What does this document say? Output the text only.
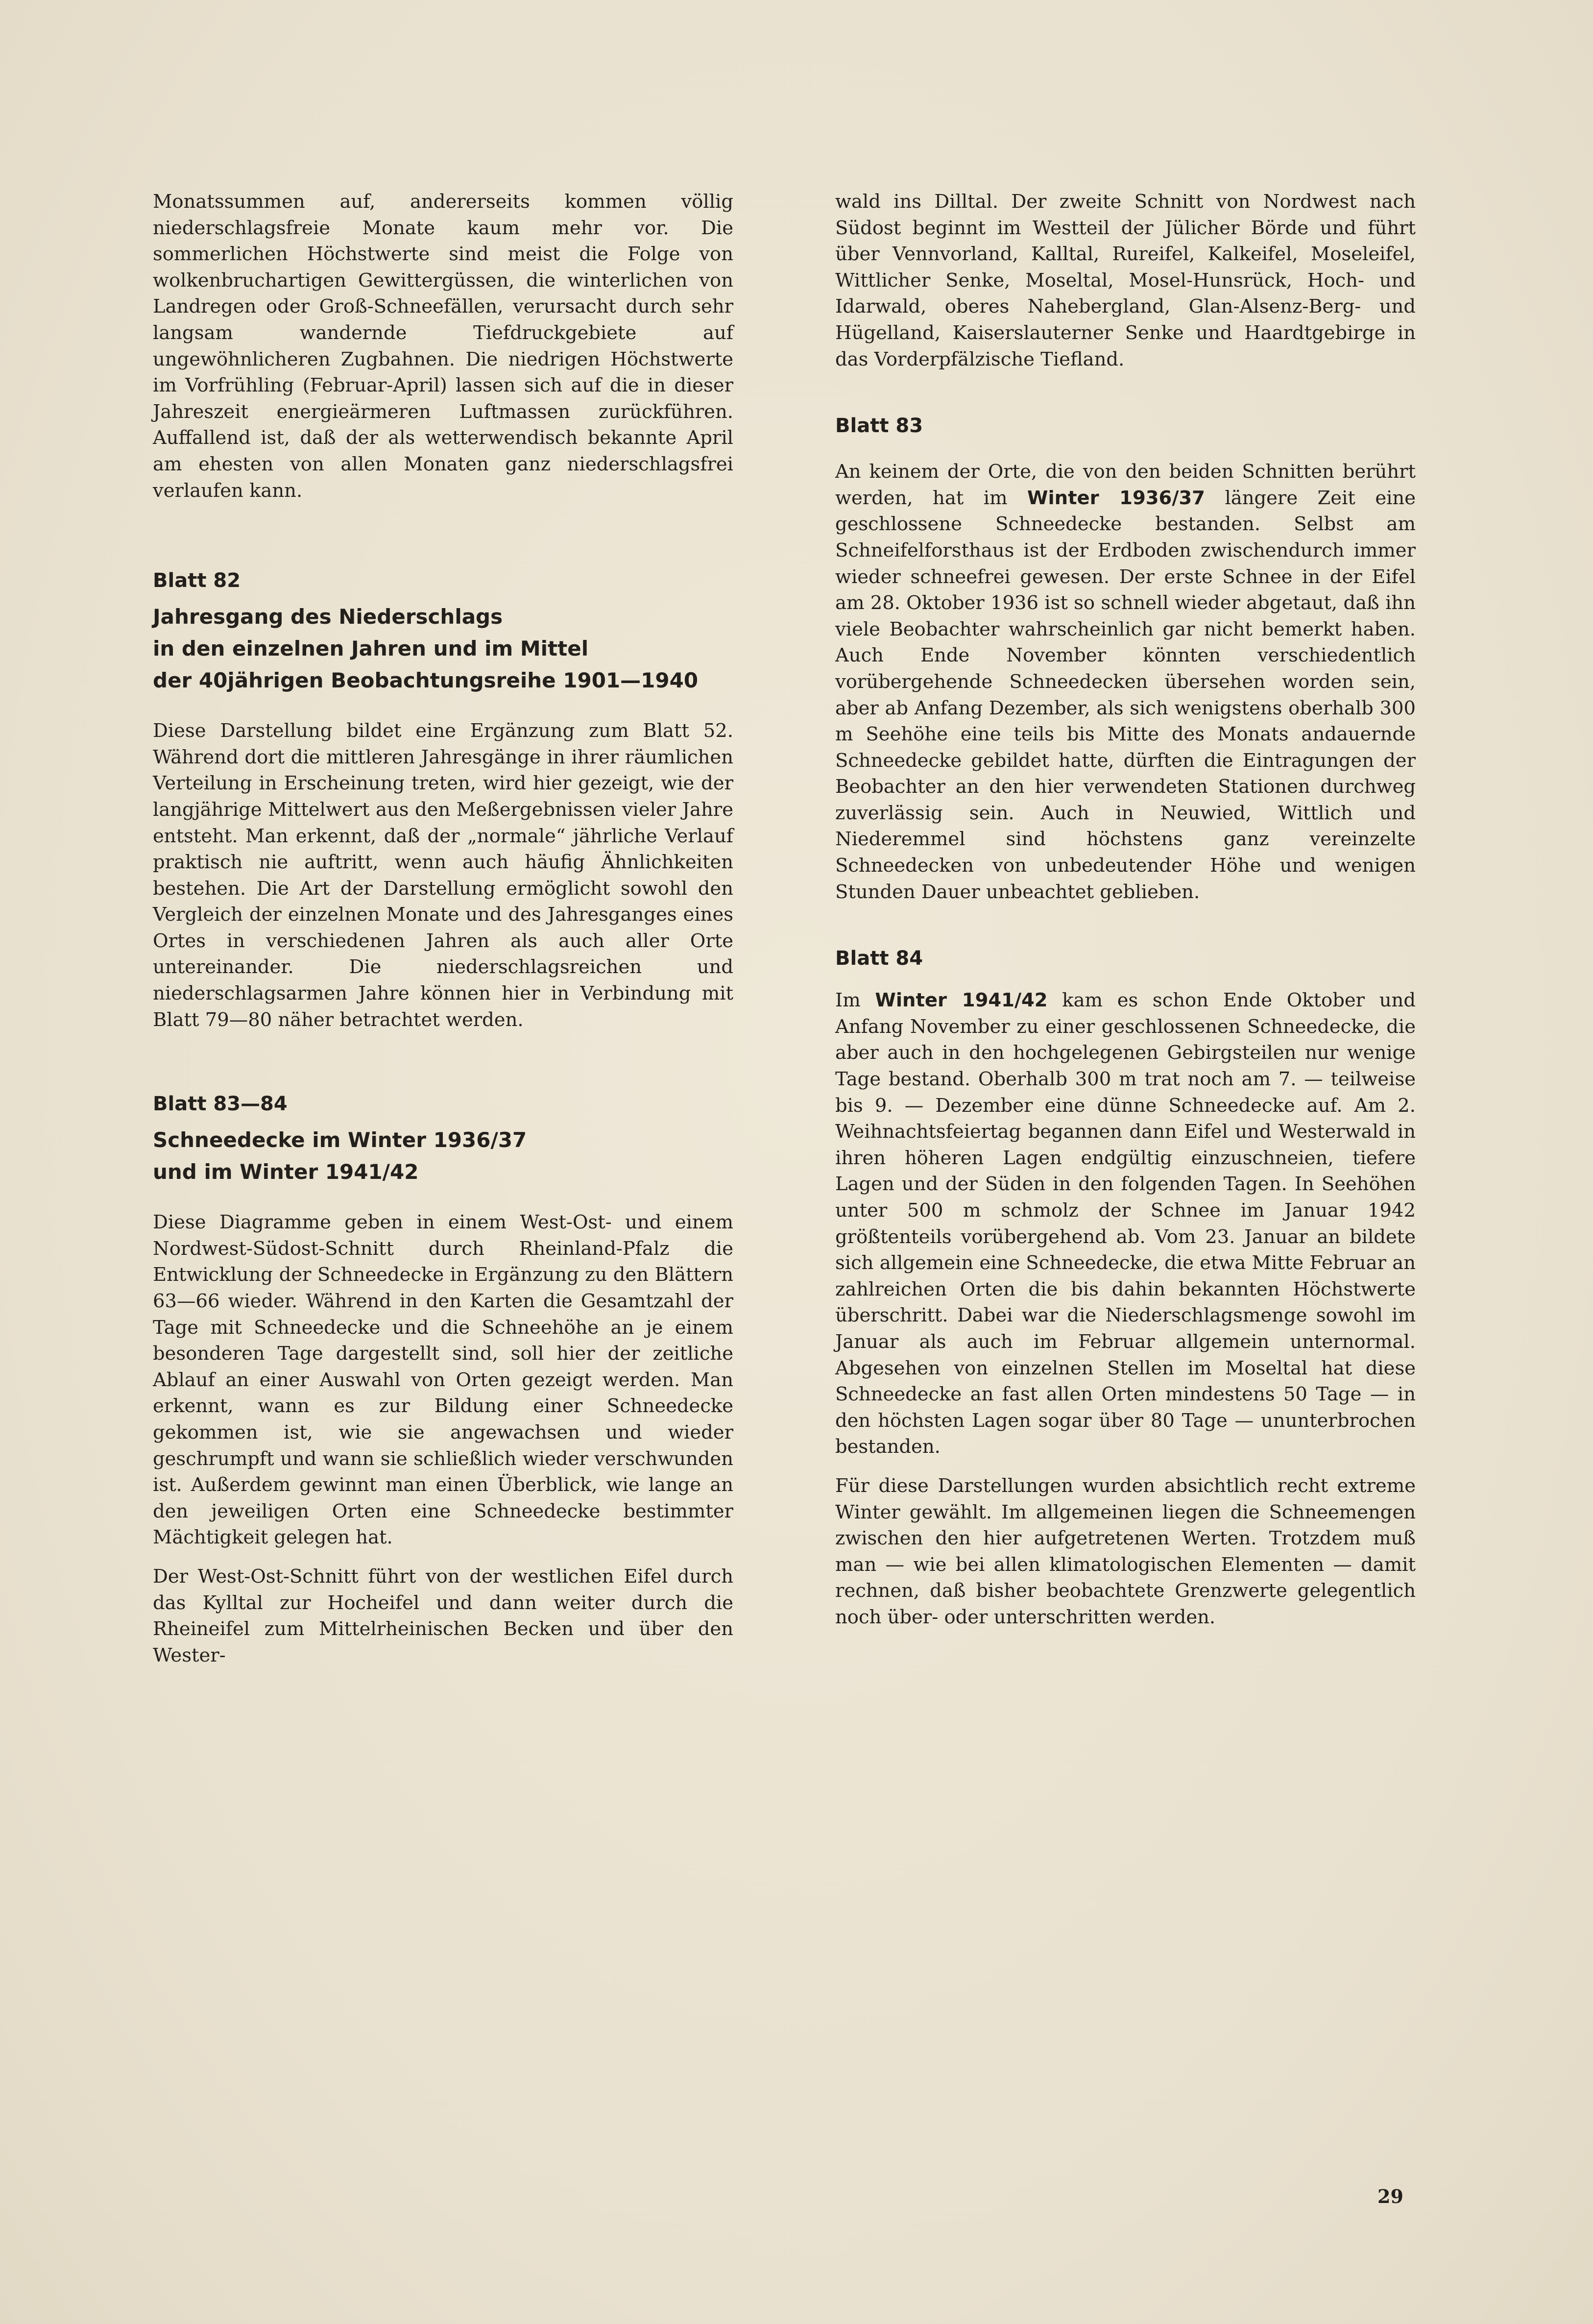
Monatssummen auf, andererseits kommen völlig niederschlagsfreie Monate kaum mehr vor. Die sommerlichen Höchstwerte sind meist die Folge von wolkenbruchartigen Gewittergüssen, die winterlichen von Landregen oder Groß-Schneefällen, verursacht durch sehr langsam wandernde Tiefdruckgebiete auf ungewöhnlicheren Zugbahnen. Die niedrigen Höchstwerte im Vorfrühling (Februar-April) lassen sich auf die in dieser Jahreszeit energieärmeren Luftmassen zurückführen. Auffallend ist, daß der als wetterwendisch bekannte April am ehesten von allen Monaten ganz niederschlagsfrei verlaufen kann.

Blatt 82

Jahresgang des Niederschlags
in den einzelnen Jahren und im Mittel
der 40jährigen Beobachtungsreihe 1901—1940

Diese Darstellung bildet eine Ergänzung zum Blatt 52. Während dort die mittleren Jahresgänge in ihrer räumlichen Verteilung in Erscheinung treten, wird hier gezeigt, wie der langjährige Mittelwert aus den Meßergebnissen vieler Jahre entsteht. Man erkennt, daß der „normale“ jährliche Verlauf praktisch nie auftritt, wenn auch häufig Ähnlichkeiten bestehen. Die Art der Darstellung ermöglicht sowohl den Vergleich der einzelnen Monate und des Jahresganges eines Ortes in verschiedenen Jahren als auch aller Orte untereinander. Die niederschlagsreichen und niederschlagsarmen Jahre können hier in Verbindung mit Blatt 79—80 näher betrachtet werden.

Blatt 83—84

Schneedecke im Winter 1936/37
und im Winter 1941/42

Diese Diagramme geben in einem West-Ost- und einem Nordwest-Südost-Schnitt durch Rheinland-Pfalz die Entwicklung der Schneedecke in Ergänzung zu den Blättern 63—66 wieder. Während in den Karten die Gesamtzahl der Tage mit Schneedecke und die Schneehöhe an je einem besonderen Tage dargestellt sind, soll hier der zeitliche Ablauf an einer Auswahl von Orten gezeigt werden. Man erkennt, wann es zur Bildung einer Schneedecke gekommen ist, wie sie angewachsen und wieder geschrumpft und wann sie schließlich wieder verschwunden ist. Außerdem gewinnt man einen Überblick, wie lange an den jeweiligen Orten eine Schneedecke bestimmter Mächtigkeit gelegen hat.

Der West-Ost-Schnitt führt von der westlichen Eifel durch das Kylltal zur Hocheifel und dann weiter durch die Rheineifel zum Mittelrheinischen Becken und über den Wester-

wald ins Dilltal. Der zweite Schnitt von Nordwest nach Südost beginnt im Westteil der Jülicher Börde und führt über Vennvorland, Kalltal, Rureifel, Kalkeifel, Moseleifel, Wittlicher Senke, Moseltal, Mosel-Hunsrück, Hoch- und Idarwald, oberes Nahebergland, Glan-Alsenz-Berg- und Hügelland, Kaiserslauterner Senke und Haardtgebirge in das Vorderpfälzische Tiefland.

Blatt 83

An keinem der Orte, die von den beiden Schnitten berührt werden, hat im Winter 1936/37 längere Zeit eine geschlossene Schneedecke bestanden. Selbst am Schneifelforsthaus ist der Erdboden zwischendurch immer wieder schneefrei gewesen. Der erste Schnee in der Eifel am 28. Oktober 1936 ist so schnell wieder abgetaut, daß ihn viele Beobachter wahrscheinlich gar nicht bemerkt haben. Auch Ende November könnten verschiedentlich vorübergehende Schneedecken übersehen worden sein, aber ab Anfang Dezember, als sich wenigstens oberhalb 300 m Seehöhe eine teils bis Mitte des Monats andauernde Schneedecke gebildet hatte, dürften die Eintragungen der Beobachter an den hier verwendeten Stationen durchweg zuverlässig sein. Auch in Neuwied, Wittlich und Niederemmel sind höchstens ganz vereinzelte Schneedecken von unbedeutender Höhe und wenigen Stunden Dauer unbeachtet geblieben.

Blatt 84

Im Winter 1941/42 kam es schon Ende Oktober und Anfang November zu einer geschlossenen Schneedecke, die aber auch in den hochgelegenen Gebirgsteilen nur wenige Tage bestand. Oberhalb 300 m trat noch am 7. — teilweise bis 9. — Dezember eine dünne Schneedecke auf. Am 2. Weihnachtsfeiertag begannen dann Eifel und Westerwald in ihren höheren Lagen endgültig einzuschneien, tiefere Lagen und der Süden in den folgenden Tagen. In Seehöhen unter 500 m schmolz der Schnee im Januar 1942 größtenteils vorübergehend ab. Vom 23. Januar an bildete sich allgemein eine Schneedecke, die etwa Mitte Februar an zahlreichen Orten die bis dahin bekannten Höchstwerte überschritt. Dabei war die Niederschlagsmenge sowohl im Januar als auch im Februar allgemein unternormal. Abgesehen von einzelnen Stellen im Moseltal hat diese Schneedecke an fast allen Orten mindestens 50 Tage — in den höchsten Lagen sogar über 80 Tage — ununterbrochen bestanden.

Für diese Darstellungen wurden absichtlich recht extreme Winter gewählt. Im allgemeinen liegen die Schneemengen zwischen den hier aufgetretenen Werten. Trotzdem muß man — wie bei allen klimatologischen Elementen — damit rechnen, daß bisher beobachtete Grenzwerte gelegentlich noch über- oder unterschritten werden.

29
